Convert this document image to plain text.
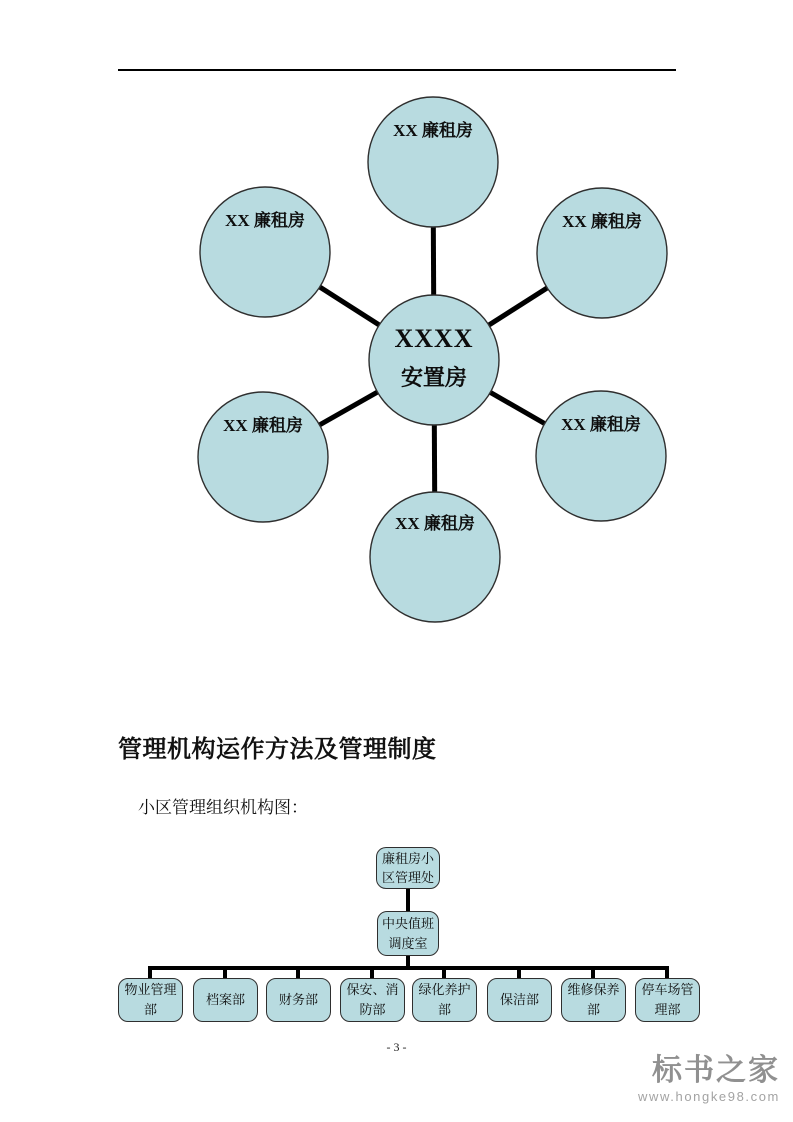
XX 廉租房
XX 廉租房	XX 廉租房
XX 廉租房	XX 廉租房
XX 廉租房
XXXX
安置房
管理机构运作方法及管理制度
小区管理组织机构图：
廉租房小区管理处
中央值班调度室
物业管理部
档案部	财务部
保安、消防部
绿化养护部
保洁部
维修保养部
停车场管理部
- 3 -
标书之家
www.hongke98.com
